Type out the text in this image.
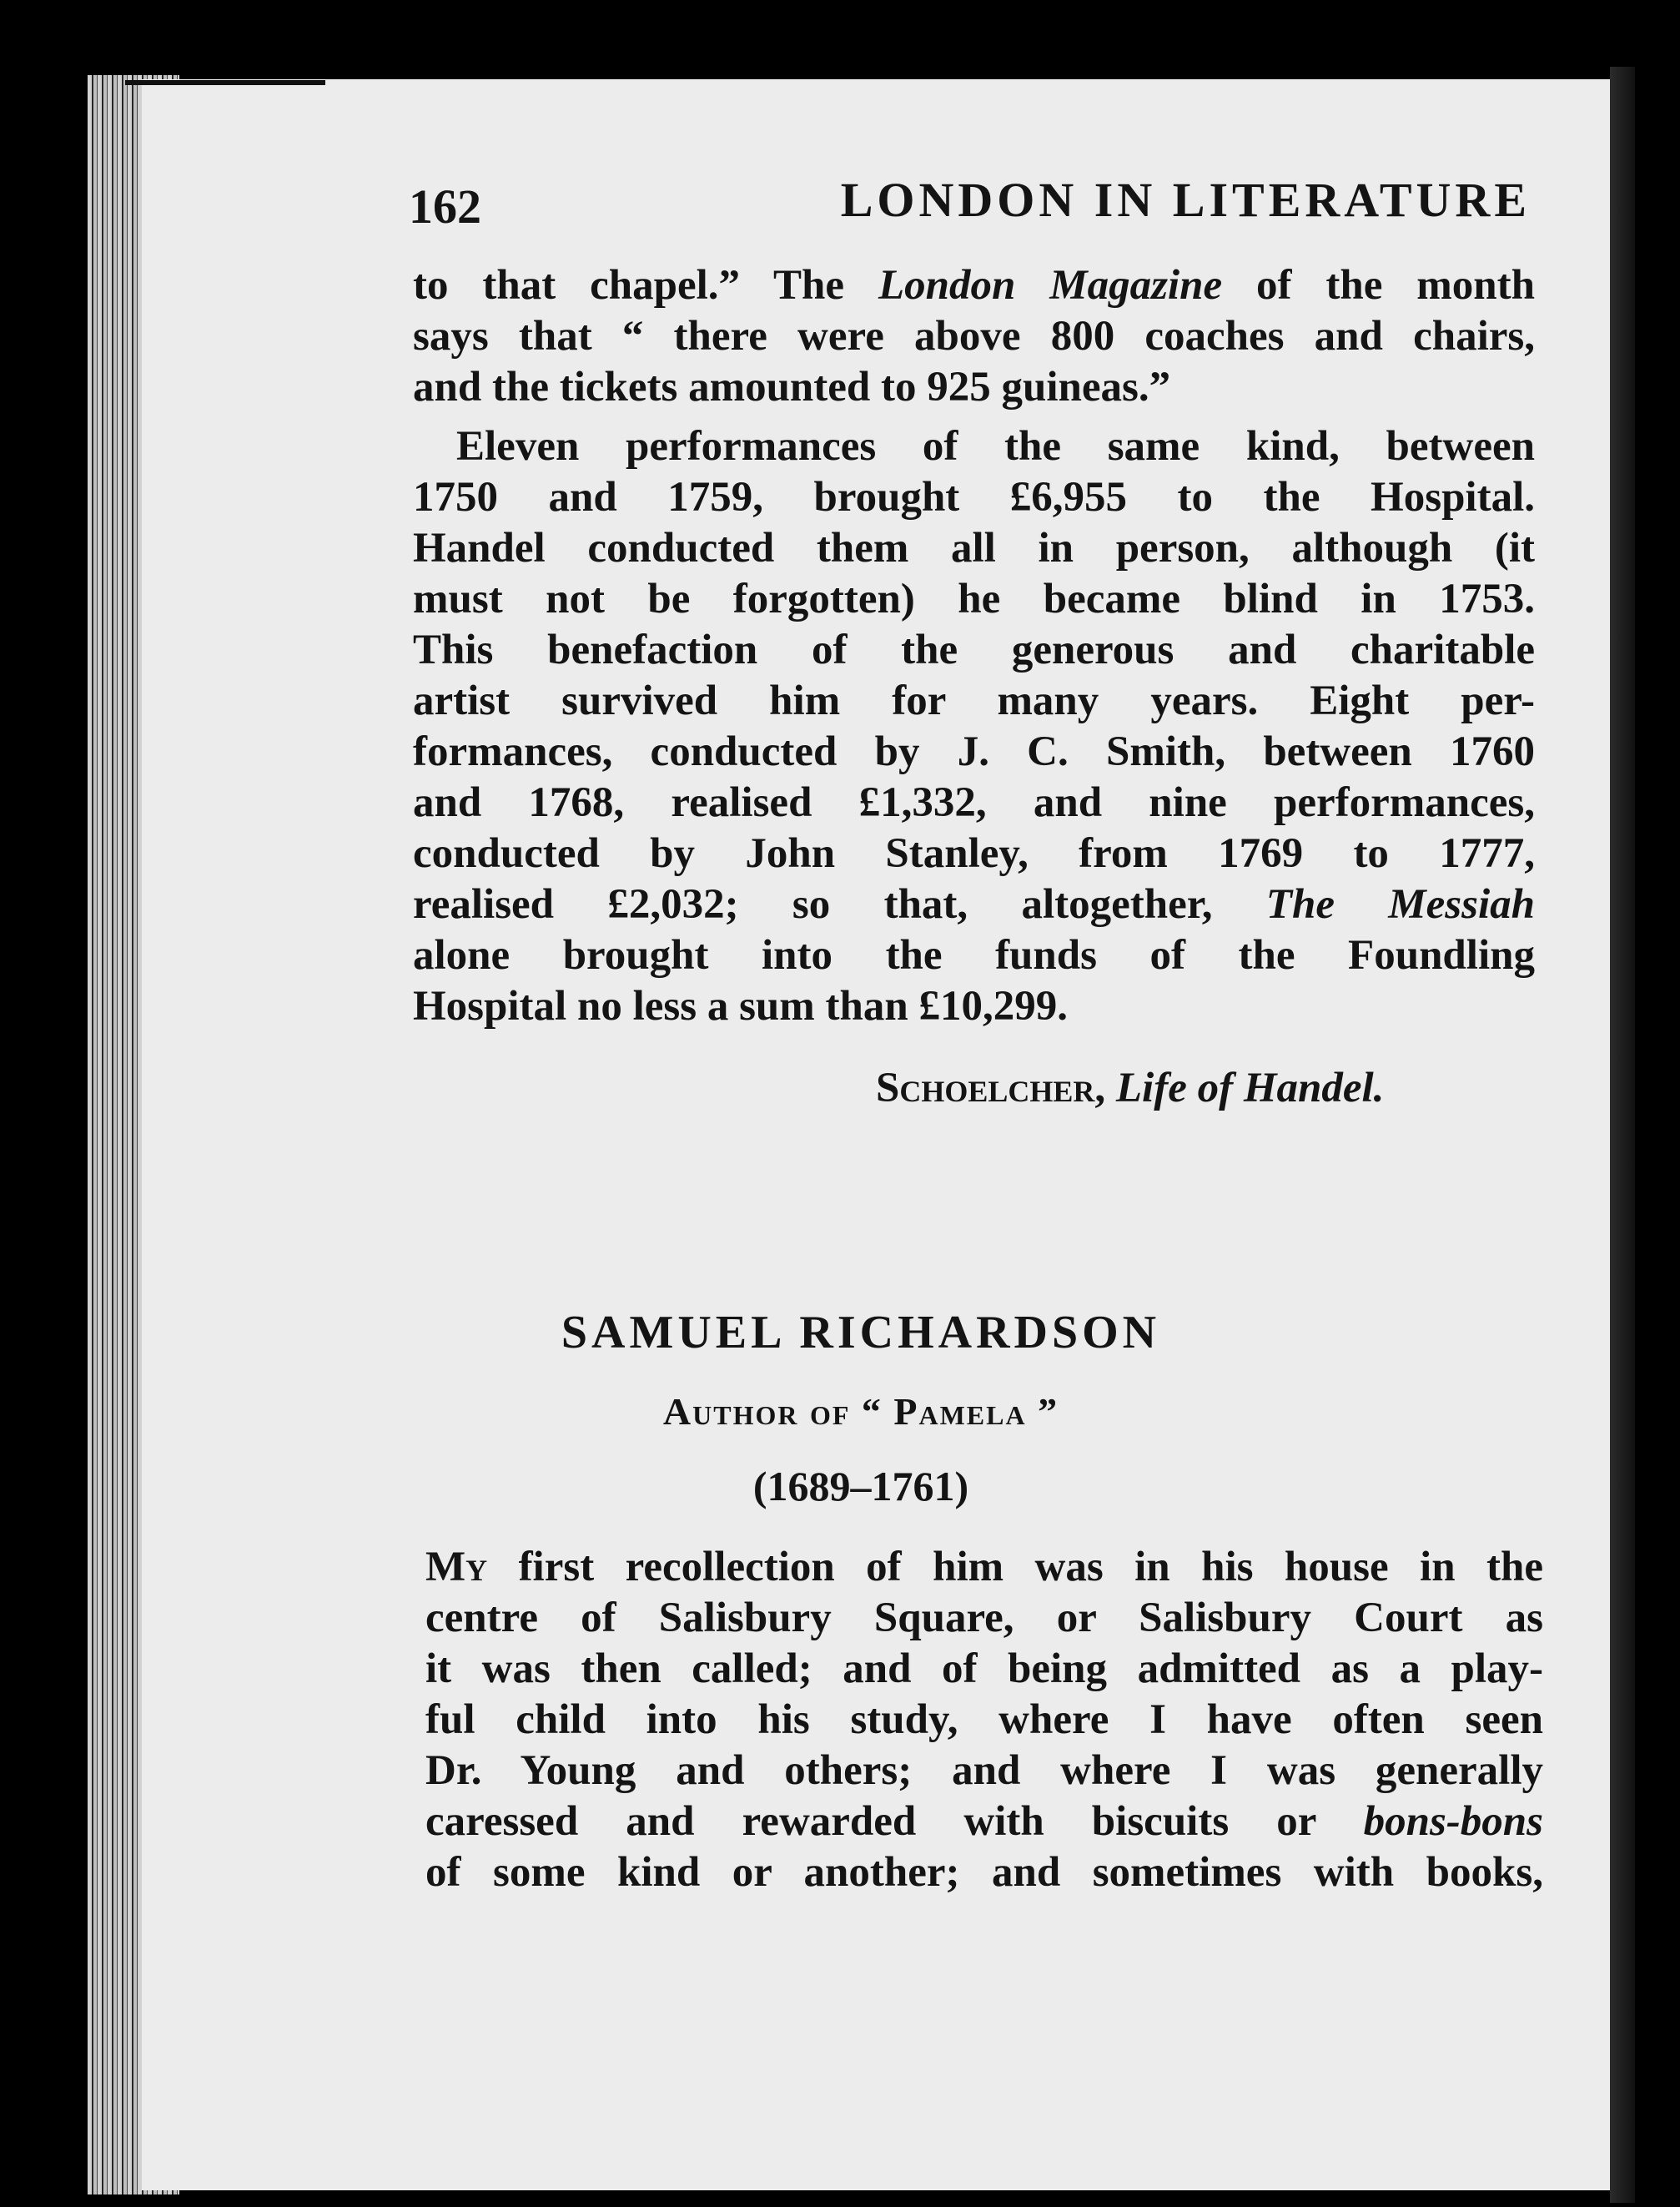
162	LONDON IN LITERATURE
to that chapel.” The London Magazine of the month
says that “ there were above 800 coaches and chairs,
and the tickets amounted to 925 guineas.”
Eleven performances of the same kind, between
1750 and 1759, brought £6,955 to the Hospital.
Handel conducted them all in person, although (it
must not be forgotten) he became blind in 1753.
This benefaction of the generous and charitable
artist survived him for many years. Eight per-
formances, conducted by J. C. Smith, between 1760
and 1768, realised £1,332, and nine performances,
conducted by John Stanley, from 1769 to 1777,
realised £2,032; so that, altogether, The Messiah
alone brought into the funds of the Foundling
Hospital no less a sum than £10,299.
Schoelcher, Life of Handel.
SAMUEL RICHARDSON
Author of “ Pamela ”
(1689–1761)
My first recollection of him was in his house in the
centre of Salisbury Square, or Salisbury Court as
it was then called; and of being admitted as a play-
ful child into his study, where I have often seen
Dr. Young and others; and where I was generally
caressed and rewarded with biscuits or bons-bons
of some kind or another; and sometimes with books,
